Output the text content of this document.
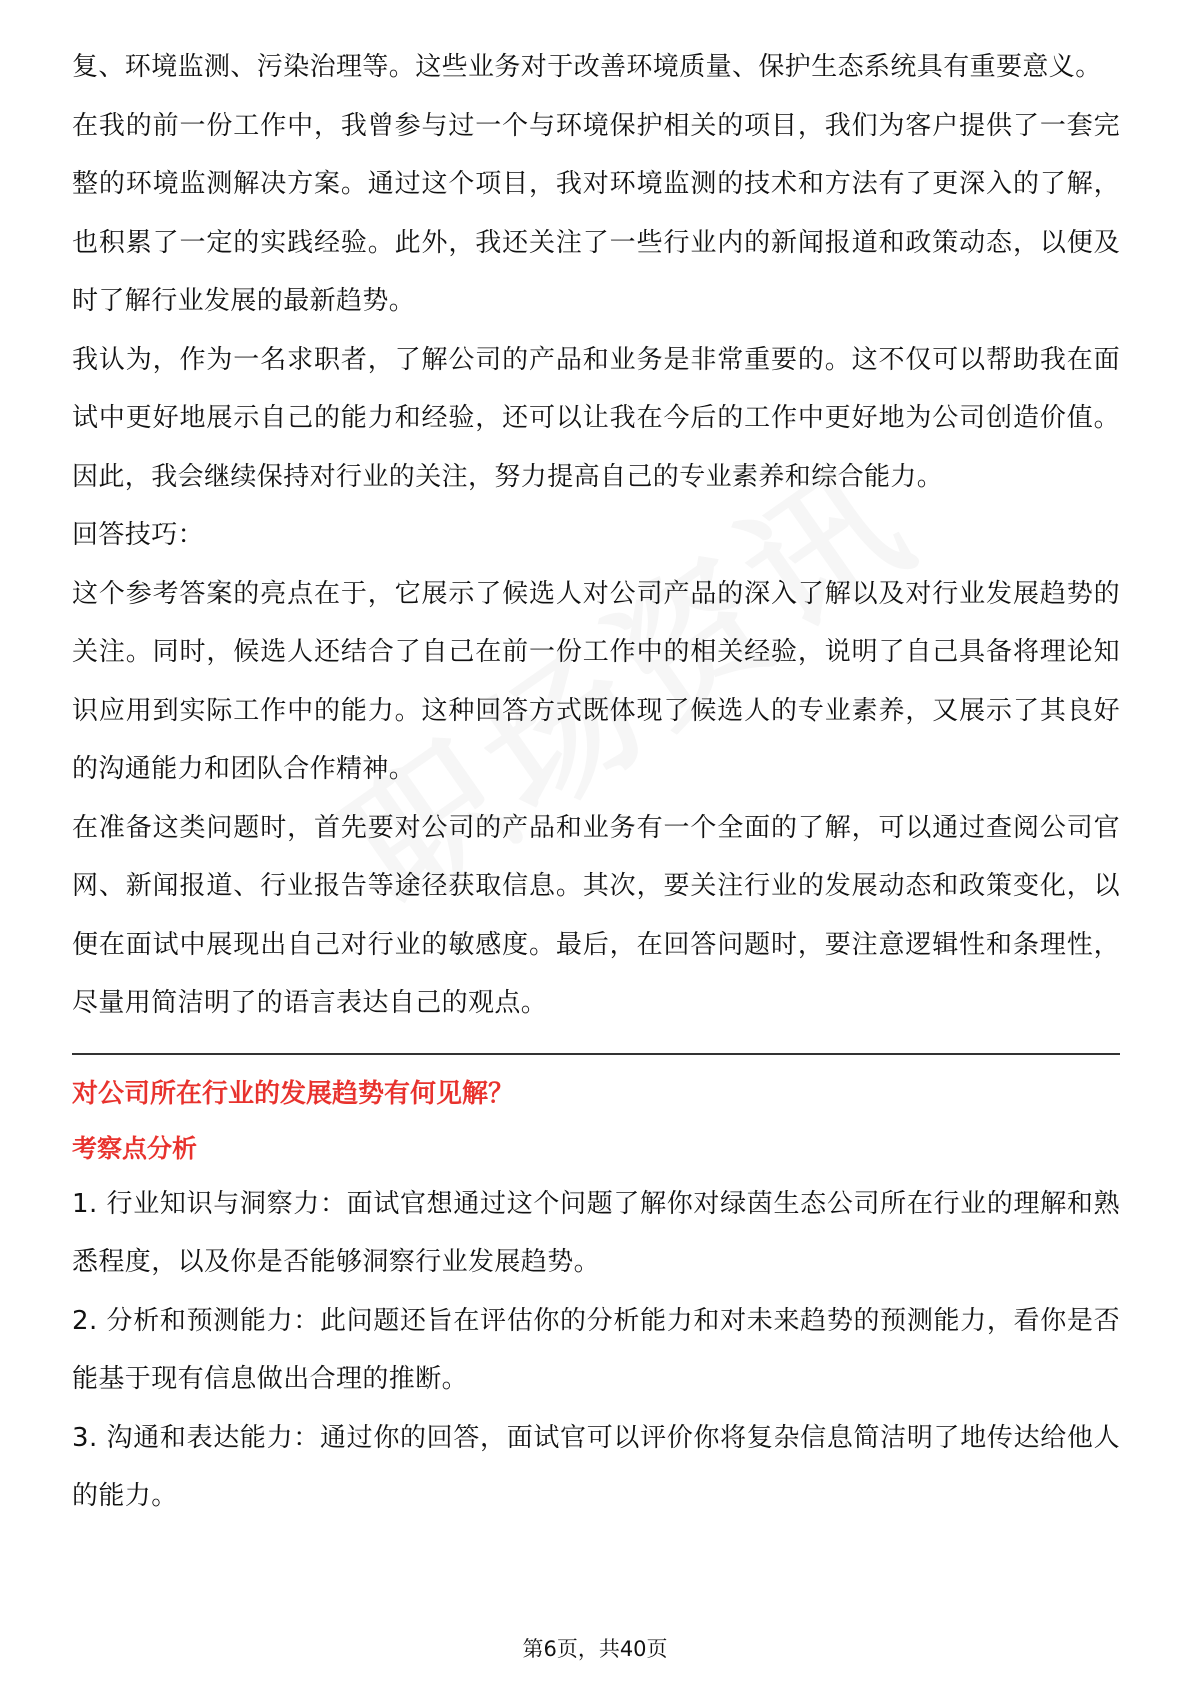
复、环境监测、污染治理等。这些业务对于改善环境质量、保护生态系统具有重要意义。

在我的前一份工作中，我曾参与过一个与环境保护相关的项目，我们为客户提供了一套完整的环境监测解决方案。通过这个项目，我对环境监测的技术和方法有了更深入的了解，也积累了一定的实践经验。此外，我还关注了一些行业内的新闻报道和政策动态，以便及时了解行业发展的最新趋势。

我认为，作为一名求职者，了解公司的产品和业务是非常重要的。这不仅可以帮助我在面试中更好地展示自己的能力和经验，还可以让我在今后的工作中更好地为公司创造价值。因此，我会继续保持对行业的关注，努力提高自己的专业素养和综合能力。

回答技巧：

这个参考答案的亮点在于，它展示了候选人对公司产品的深入了解以及对行业发展趋势的关注。同时，候选人还结合了自己在前一份工作中的相关经验，说明了自己具备将理论知识应用到实际工作中的能力。这种回答方式既体现了候选人的专业素养，又展示了其良好的沟通能力和团队合作精神。

在准备这类问题时，首先要对公司的产品和业务有一个全面的了解，可以通过查阅公司官网、新闻报道、行业报告等途径获取信息。其次，要关注行业的发展动态和政策变化，以便在面试中展现出自己对行业的敏感度。最后，在回答问题时，要注意逻辑性和条理性，尽量用简洁明了的语言表达自己的观点。

对公司所在行业的发展趋势有何见解？

考察点分析

1. 行业知识与洞察力：面试官想通过这个问题了解你对绿茵生态公司所在行业的理解和熟悉程度，以及你是否能够洞察行业发展趋势。

2. 分析和预测能力：此问题还旨在评估你的分析能力和对未来趋势的预测能力，看你是否能基于现有信息做出合理的推断。

3. 沟通和表达能力：通过你的回答，面试官可以评价你将复杂信息简洁明了地传达给他人的能力。

第6页，共40页
